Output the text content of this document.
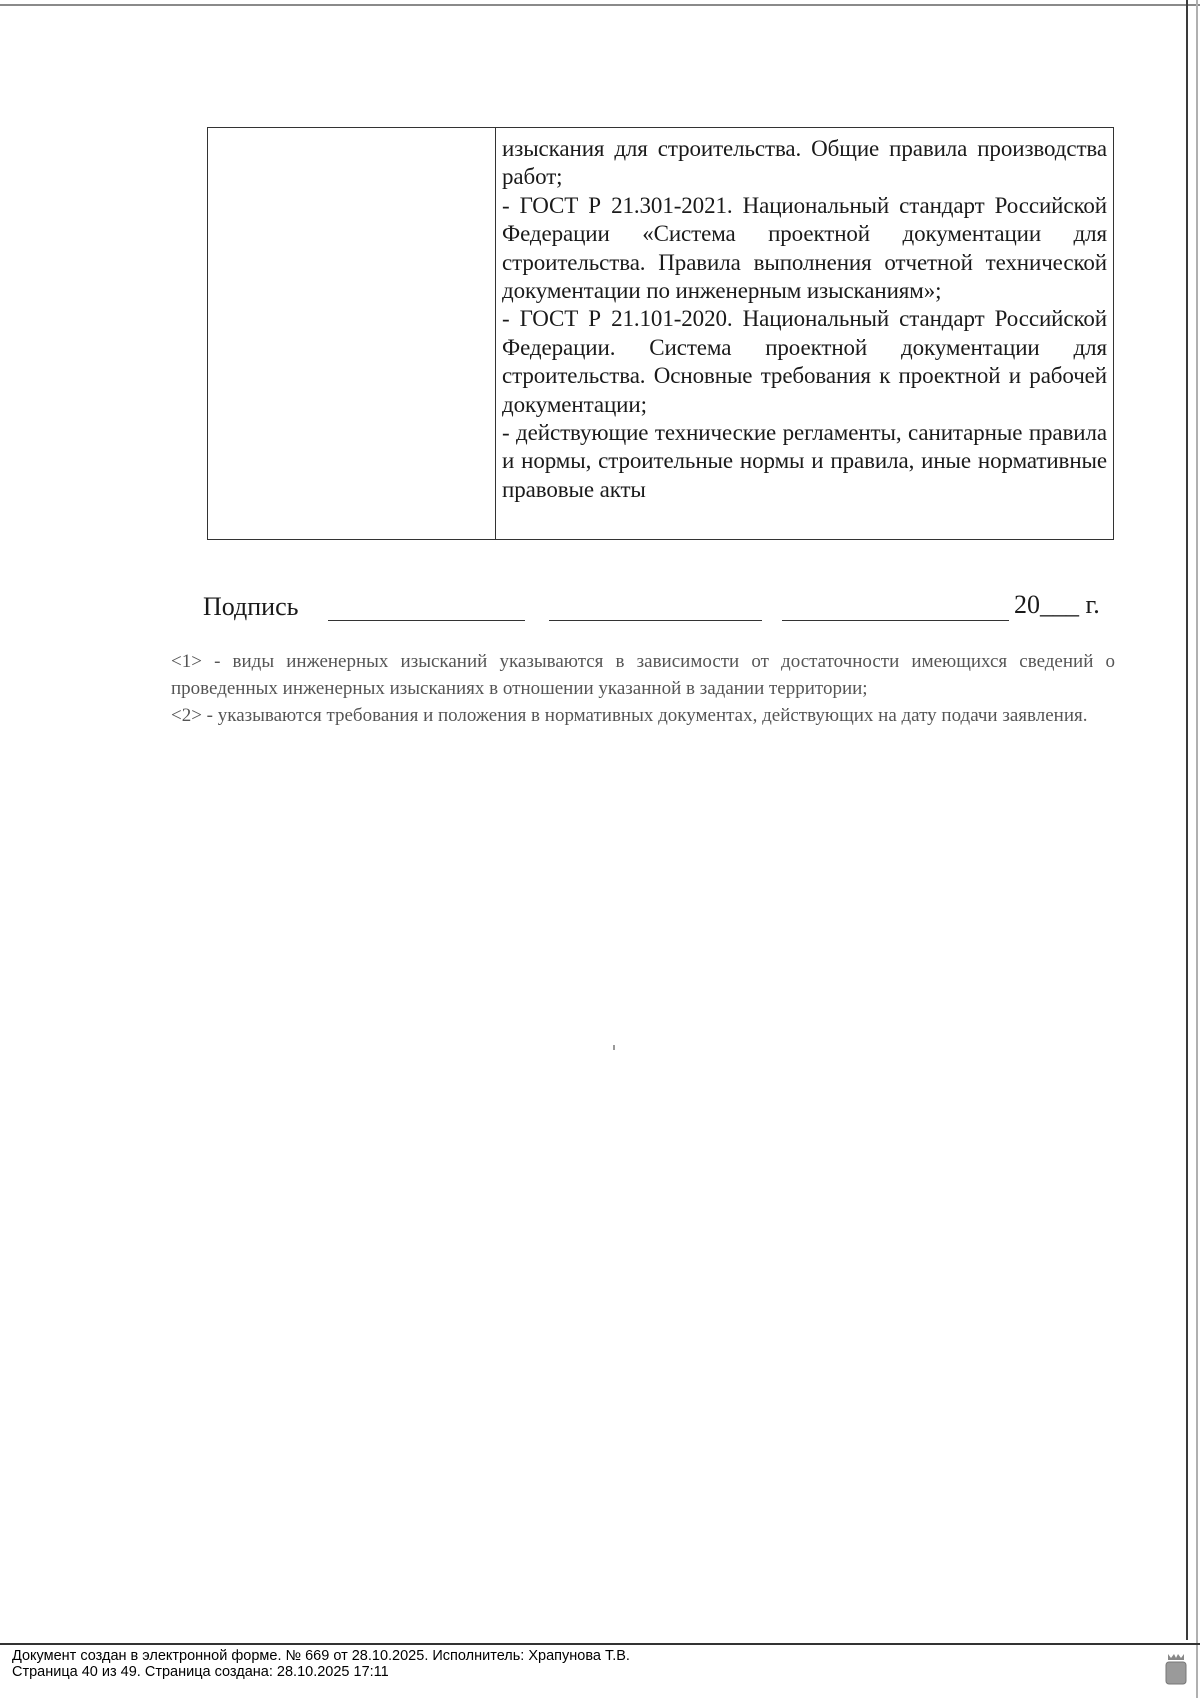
изыскания для строительства. Общие правила производства работ;

- ГОСТ Р 21.301-2021. Национальный стандарт Российской Федерации «Система проектной документации для строительства. Правила выполнения отчетной технической документации по инженерным изысканиям»;

- ГОСТ Р 21.101-2020. Национальный стандарт Российской Федерации. Система проектной документации для строительства. Основные требования к проектной и рабочей документации;

- действующие технические регламенты, санитарные правила и нормы, строительные нормы и правила, иные нормативные правовые акты

Подпись	20___ г.

<1> - виды инженерных изысканий указываются в зависимости от достаточности имеющихся сведений о проведенных инженерных изысканиях в отношении указанной в задании территории;

<2> - указываются требования и положения в нормативных документах, действующих на дату подачи заявления.

Документ создан в электронной форме. № 669 от 28.10.2025. Исполнитель: Храпунова Т.В.
Страница 40 из 49. Страница создана: 28.10.2025 17:11
